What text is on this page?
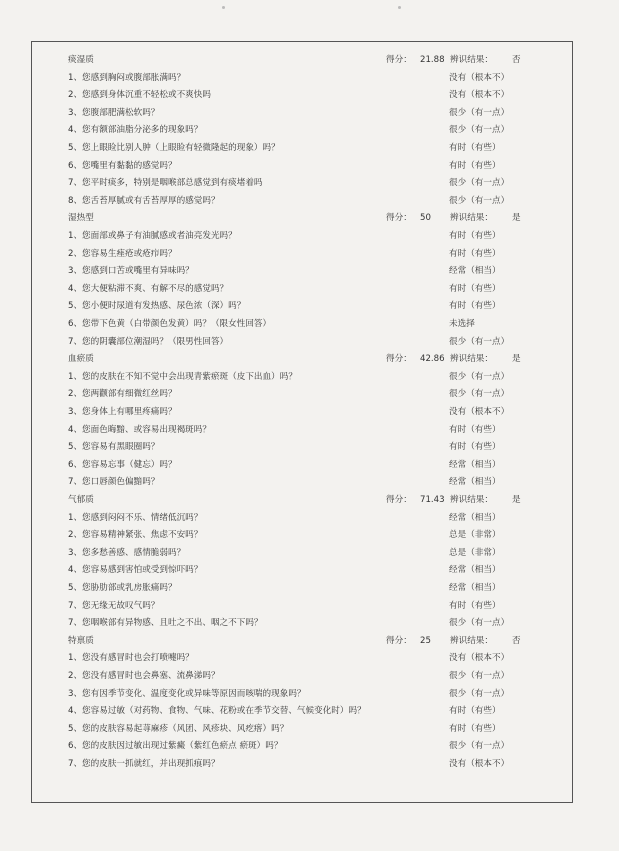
痰湿质	得分： 21.88 辨识结果： 否
1、您感到胸闷或腹部胀满吗？	没有（根本不）
2、您感到身体沉重不轻松或不爽快吗	没有（根本不）
3、您腹部肥满松软吗？	很少（有一点）
4、您有额部油脂分泌多的现象吗？	很少（有一点）
5、您上眼睑比别人肿（上眼睑有轻微隆起的现象）吗？	有时（有些）
6、您嘴里有黏黏的感觉吗？	有时（有些）
7、您平时痰多，特别是咽喉部总感觉到有痰堵着吗	很少（有一点）
8、您舌苔厚腻或有舌苔厚厚的感觉吗？	很少（有一点）
湿热型	得分： 50 辨识结果： 是
1、您面部或鼻子有油腻感或者油亮发光吗？	有时（有些）
2、您容易生痤疮或疮疖吗？	有时（有些）
3、您感到口苦或嘴里有异味吗？	经常（相当）
4、您大便粘滞不爽、有解不尽的感觉吗？	有时（有些）
5、您小便时尿道有发热感、尿色浓（深）吗？	有时（有些）
6、您带下色黄（白带颜色发黄）吗？（限女性回答）	未选择
7、您的阴囊部位潮湿吗？（限男性回答）	很少（有一点）
血瘀质	得分： 42.86 辨识结果： 是
1、您的皮肤在不知不觉中会出现青紫瘀斑（皮下出血）吗？	很少（有一点）
2、您两颧部有细微红丝吗？	很少（有一点）
3、您身体上有哪里疼痛吗？	没有（根本不）
4、您面色晦黯、或容易出现褐斑吗？	有时（有些）
5、您容易有黑眼圈吗？	有时（有些）
6、您容易忘事（健忘）吗？	经常（相当）
7、您口唇颜色偏黯吗？	经常（相当）
气郁质	得分： 71.43 辨识结果： 是
1、您感到闷闷不乐、情绪低沉吗？	经常（相当）
2、您容易精神紧张、焦虑不安吗？	总是（非常）
3、您多愁善感、感情脆弱吗？	总是（非常）
4、您容易感到害怕或受到惊吓吗？	经常（相当）
5、您胁肋部或乳房胀痛吗？	经常（相当）
7、您无缘无故叹气吗？	有时（有些）
7、您咽喉部有异物感、且吐之不出、咽之不下吗？	很少（有一点）
特禀质	得分： 25 辨识结果： 否
1、您没有感冒时也会打喷嚏吗？	没有（根本不）
2、您没有感冒时也会鼻塞、流鼻涕吗？	很少（有一点）
3、您有因季节变化、温度变化或异味等原因而咳喘的现象吗？	很少（有一点）
4、您容易过敏（对药物、食物、气味、花粉或在季节交替、气候变化时）吗？	有时（有些）
5、您的皮肤容易起荨麻疹（风团、风疹块、风疙瘩）吗？	有时（有些）
6、您的皮肤因过敏出现过紫癜（紫红色瘀点 瘀斑）吗？	很少（有一点）
7、您的皮肤一抓就红，并出现抓痕吗？	没有（根本不）
